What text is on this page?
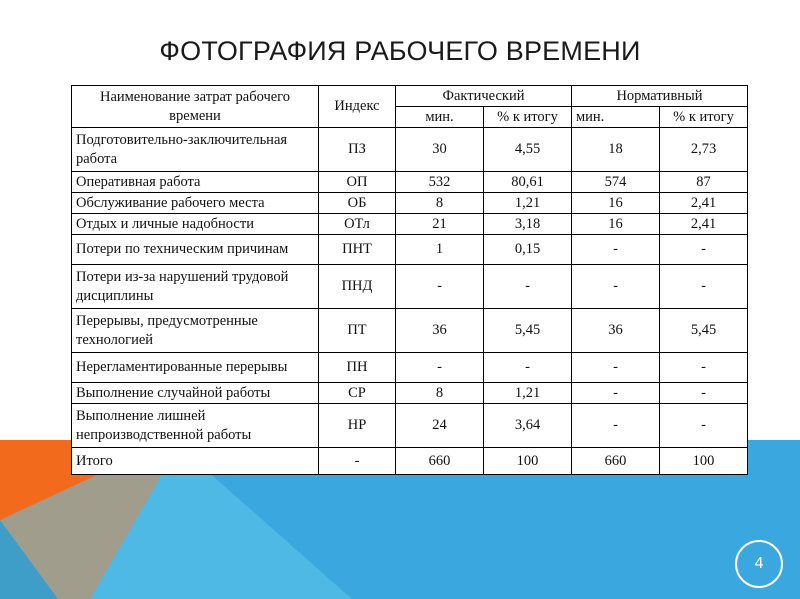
ФОТОГРАФИЯ РАБОЧЕГО ВРЕМЕНИ
Наименование затрат рабочего времени	Индекс	Фактический		Нормативный	
		мин.	% к итогу	мин.	% к итогу
Подготовительно-заключительная работа	ПЗ	30	4,55	18	2,73
Оперативная работа	ОП	532	80,61	574	87
Обслуживание рабочего места	ОБ	8	1,21	16	2,41
Отдых и личные надобности	ОТл	21	3,18	16	2,41
Потери по техническим причинам	ПНТ	1	0,15	-	-
Потери из-за нарушений трудовой дисциплины	ПНД	-	-	-	-
Перерывы, предусмотренные технологией	ПТ	36	5,45	36	5,45
Нерегламентированные перерывы	ПН	-	-	-	-
Выполнение случайной работы	СР	8	1,21	-	-
Выполнение лишней непроизводственной работы	НР	24	3,64	-	-
Итого	-	660	100	660	100
4
